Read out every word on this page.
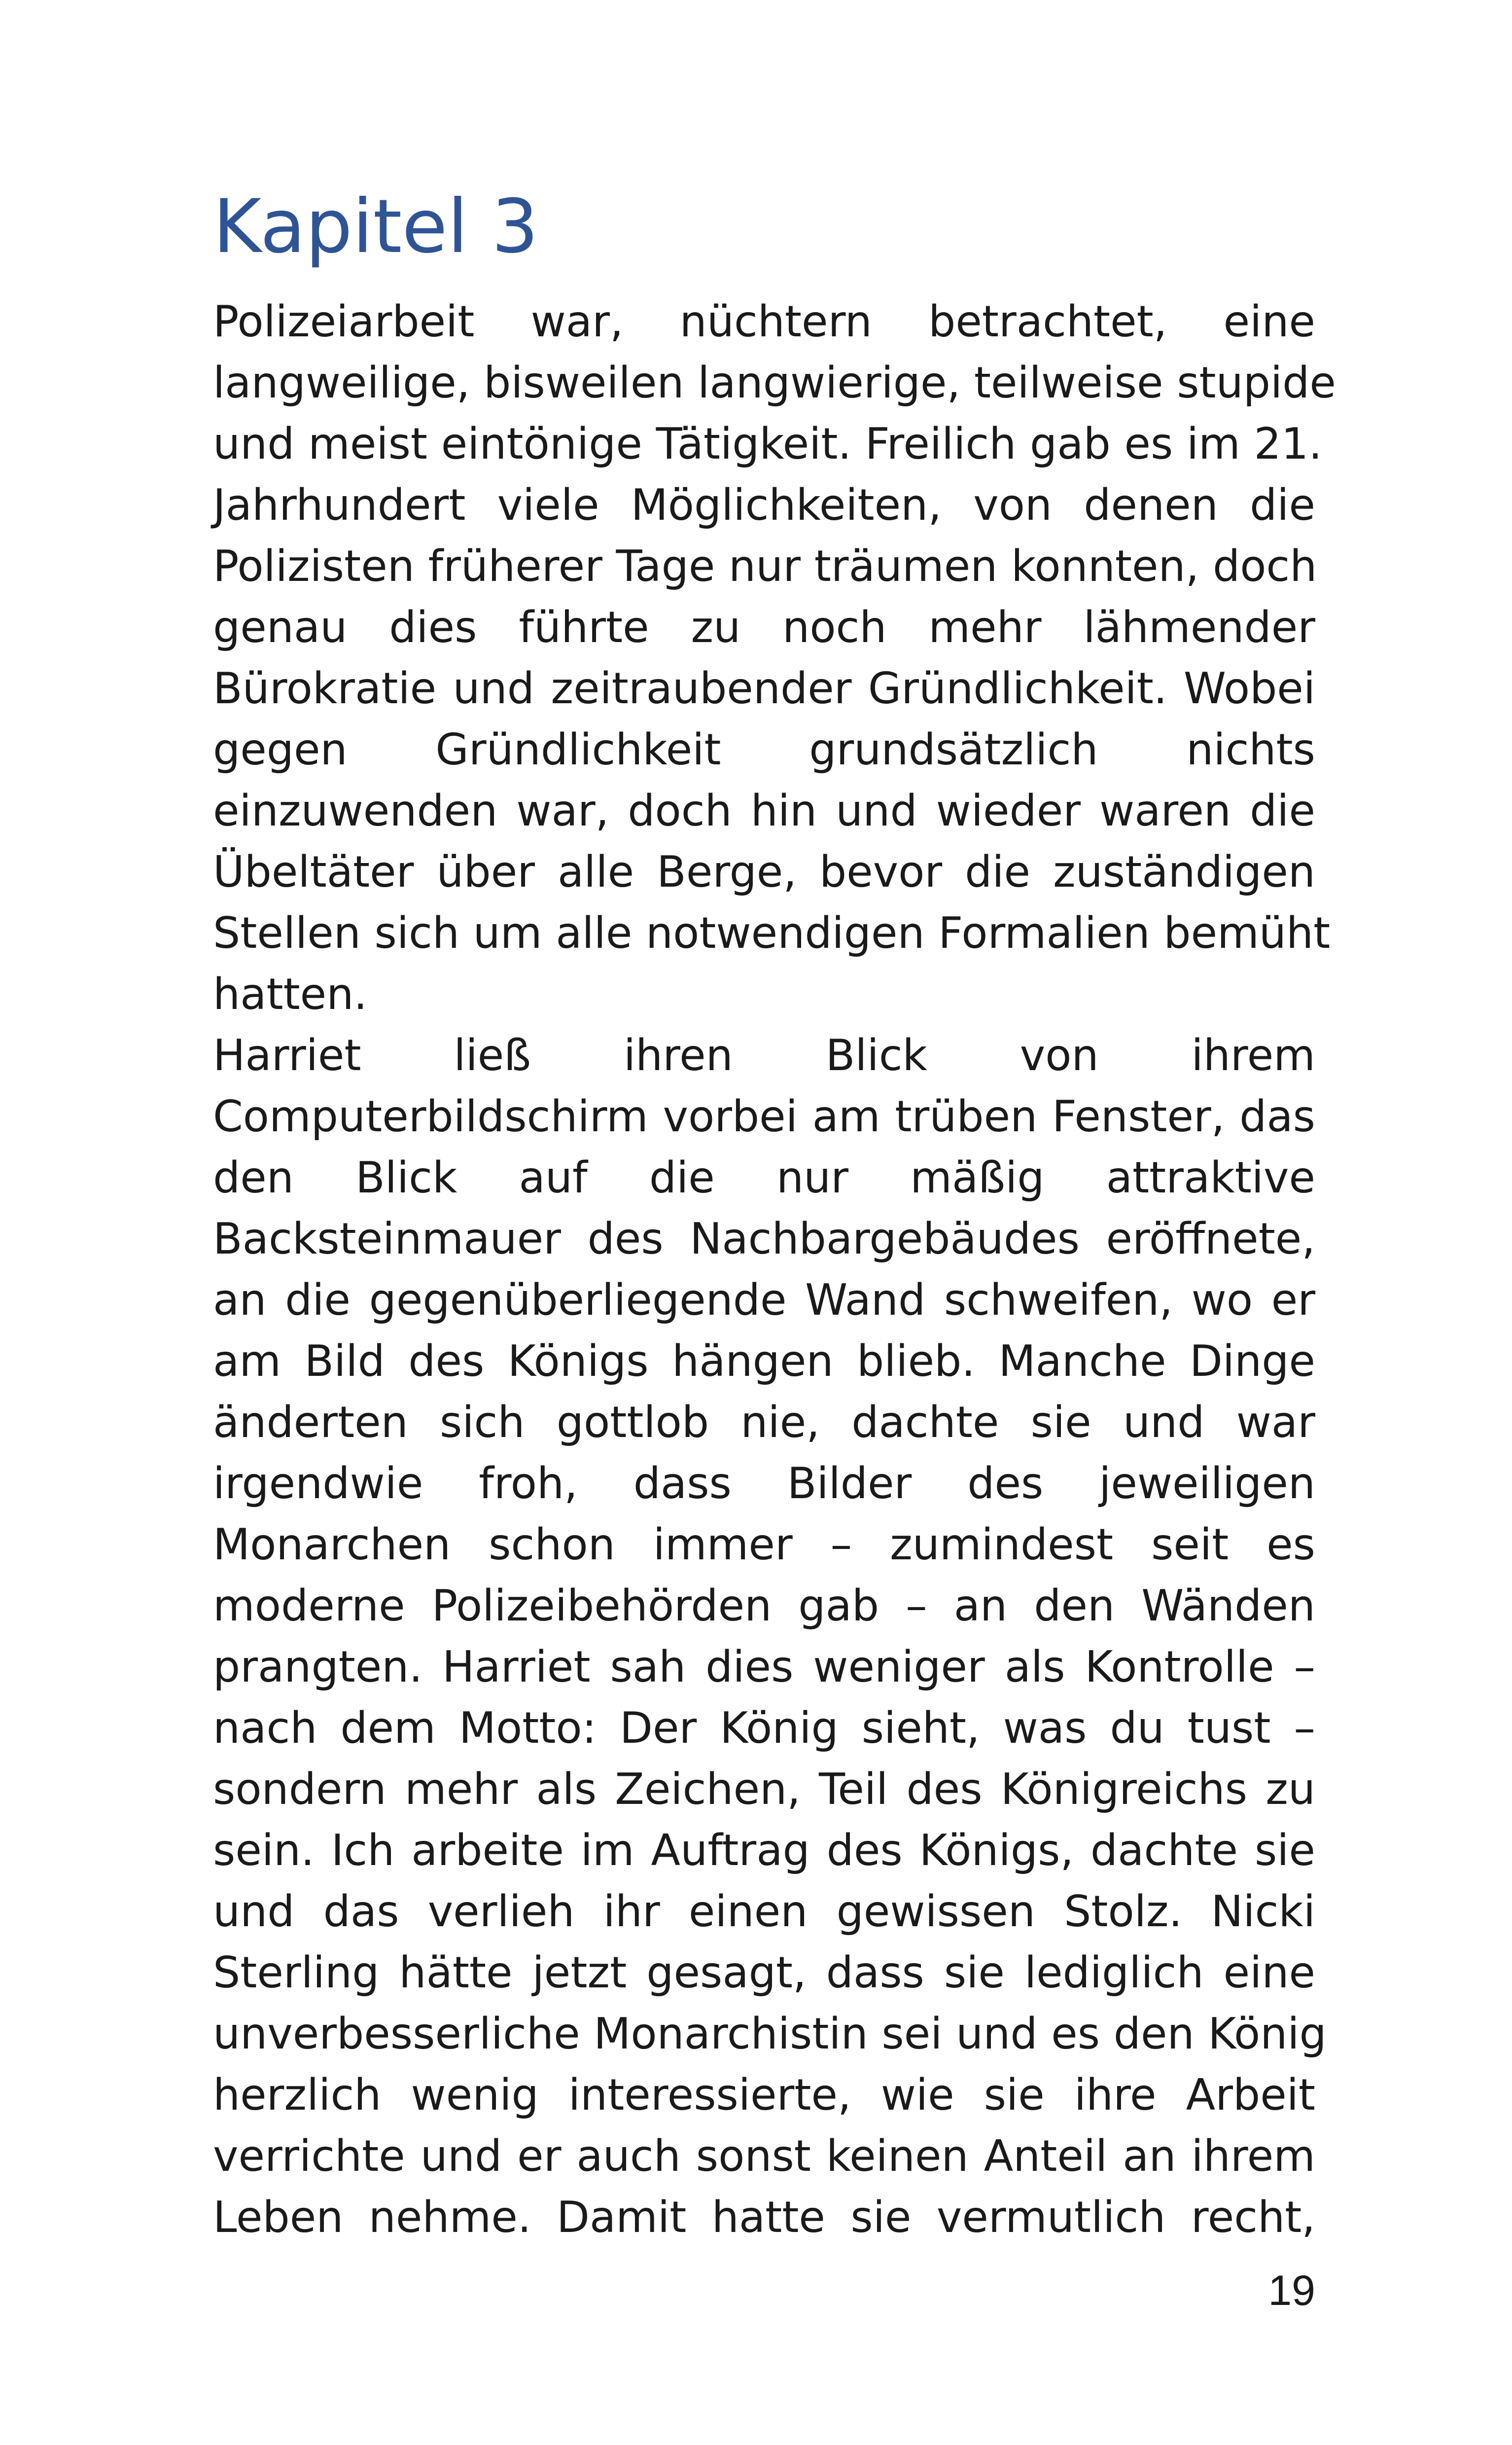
Kapitel 3
Polizeiarbeit war, nüchtern betrachtet, eine
langweilige, bisweilen langwierige, teilweise stupide
und meist eintönige Tätigkeit. Freilich gab es im 21.
Jahrhundert viele Möglichkeiten, von denen die
Polizisten früherer Tage nur träumen konnten, doch
genau dies führte zu noch mehr lähmender
Bürokratie und zeitraubender Gründlichkeit. Wobei
gegen Gründlichkeit grundsätzlich nichts
einzuwenden war, doch hin und wieder waren die
Übeltäter über alle Berge, bevor die zuständigen
Stellen sich um alle notwendigen Formalien bemüht
hatten.
Harriet ließ ihren Blick von ihrem
Computerbildschirm vorbei am trüben Fenster, das
den Blick auf die nur mäßig attraktive
Backsteinmauer des Nachbargebäudes eröffnete,
an die gegenüberliegende Wand schweifen, wo er
am Bild des Königs hängen blieb. Manche Dinge
änderten sich gottlob nie, dachte sie und war
irgendwie froh, dass Bilder des jeweiligen
Monarchen schon immer – zumindest seit es
moderne Polizeibehörden gab – an den Wänden
prangten. Harriet sah dies weniger als Kontrolle –
nach dem Motto: Der König sieht, was du tust –
sondern mehr als Zeichen, Teil des Königreichs zu
sein. Ich arbeite im Auftrag des Königs, dachte sie
und das verlieh ihr einen gewissen Stolz. Nicki
Sterling hätte jetzt gesagt, dass sie lediglich eine
unverbesserliche Monarchistin sei und es den König
herzlich wenig interessierte, wie sie ihre Arbeit
verrichte und er auch sonst keinen Anteil an ihrem
Leben nehme. Damit hatte sie vermutlich recht,
19
